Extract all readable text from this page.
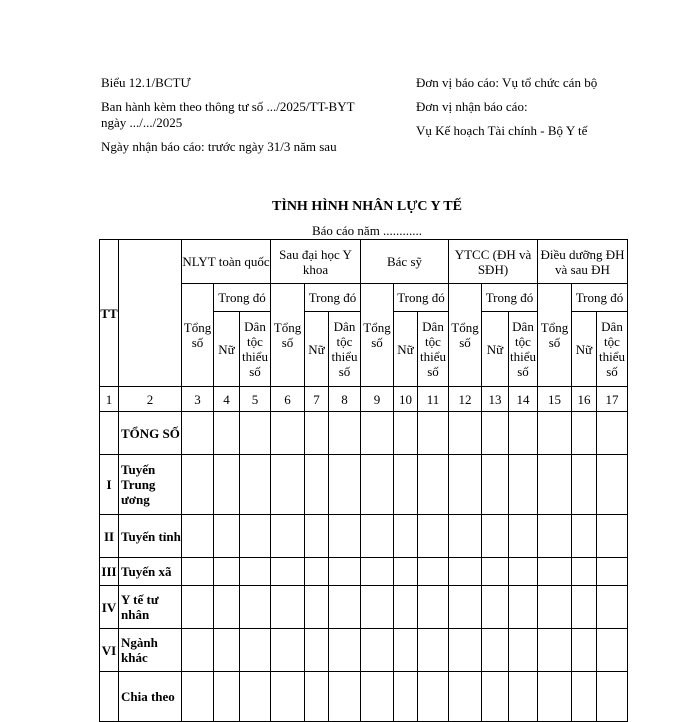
Biểu 12.1/BCTƯ
Ban hành kèm theo thông tư số .../2025/TT-BYT
ngày .../.../2025
Ngày nhận báo cáo: trước ngày 31/3 năm sau
Đơn vị báo cáo: Vụ tổ chức cán bộ
Đơn vị nhận báo cáo:
Vụ Kế hoạch Tài chính - Bộ Y tế
TÌNH HÌNH NHÂN LỰC Y TẾ
Báo cáo năm ............
TT		NLYT toàn quốc			Sau đại học Y khoa			Bác sỹ			YTCC (ĐH và SĐH)			Điều dưỡng ĐH và sau ĐH		
		Tổng số	Trong đó		Tổng số	Trong đó		Tổng số	Trong đó		Tổng số	Trong đó		Tổng số	Trong đó	
			Nữ	Dân tộc thiểu số		Nữ	Dân tộc thiểu số		Nữ	Dân tộc thiểu số		Nữ	Dân tộc thiểu số		Nữ	Dân tộc thiểu số
1	2	3	4	5	6	7	8	9	10	11	12	13	14	15	16	17
	TỔNG SỐ															
I	Tuyến Trung ương															
II	Tuyến tỉnh															
III	Tuyến xã															
IV	Y tế tư nhân															
VI	Ngành khác															
	Chia theo															
